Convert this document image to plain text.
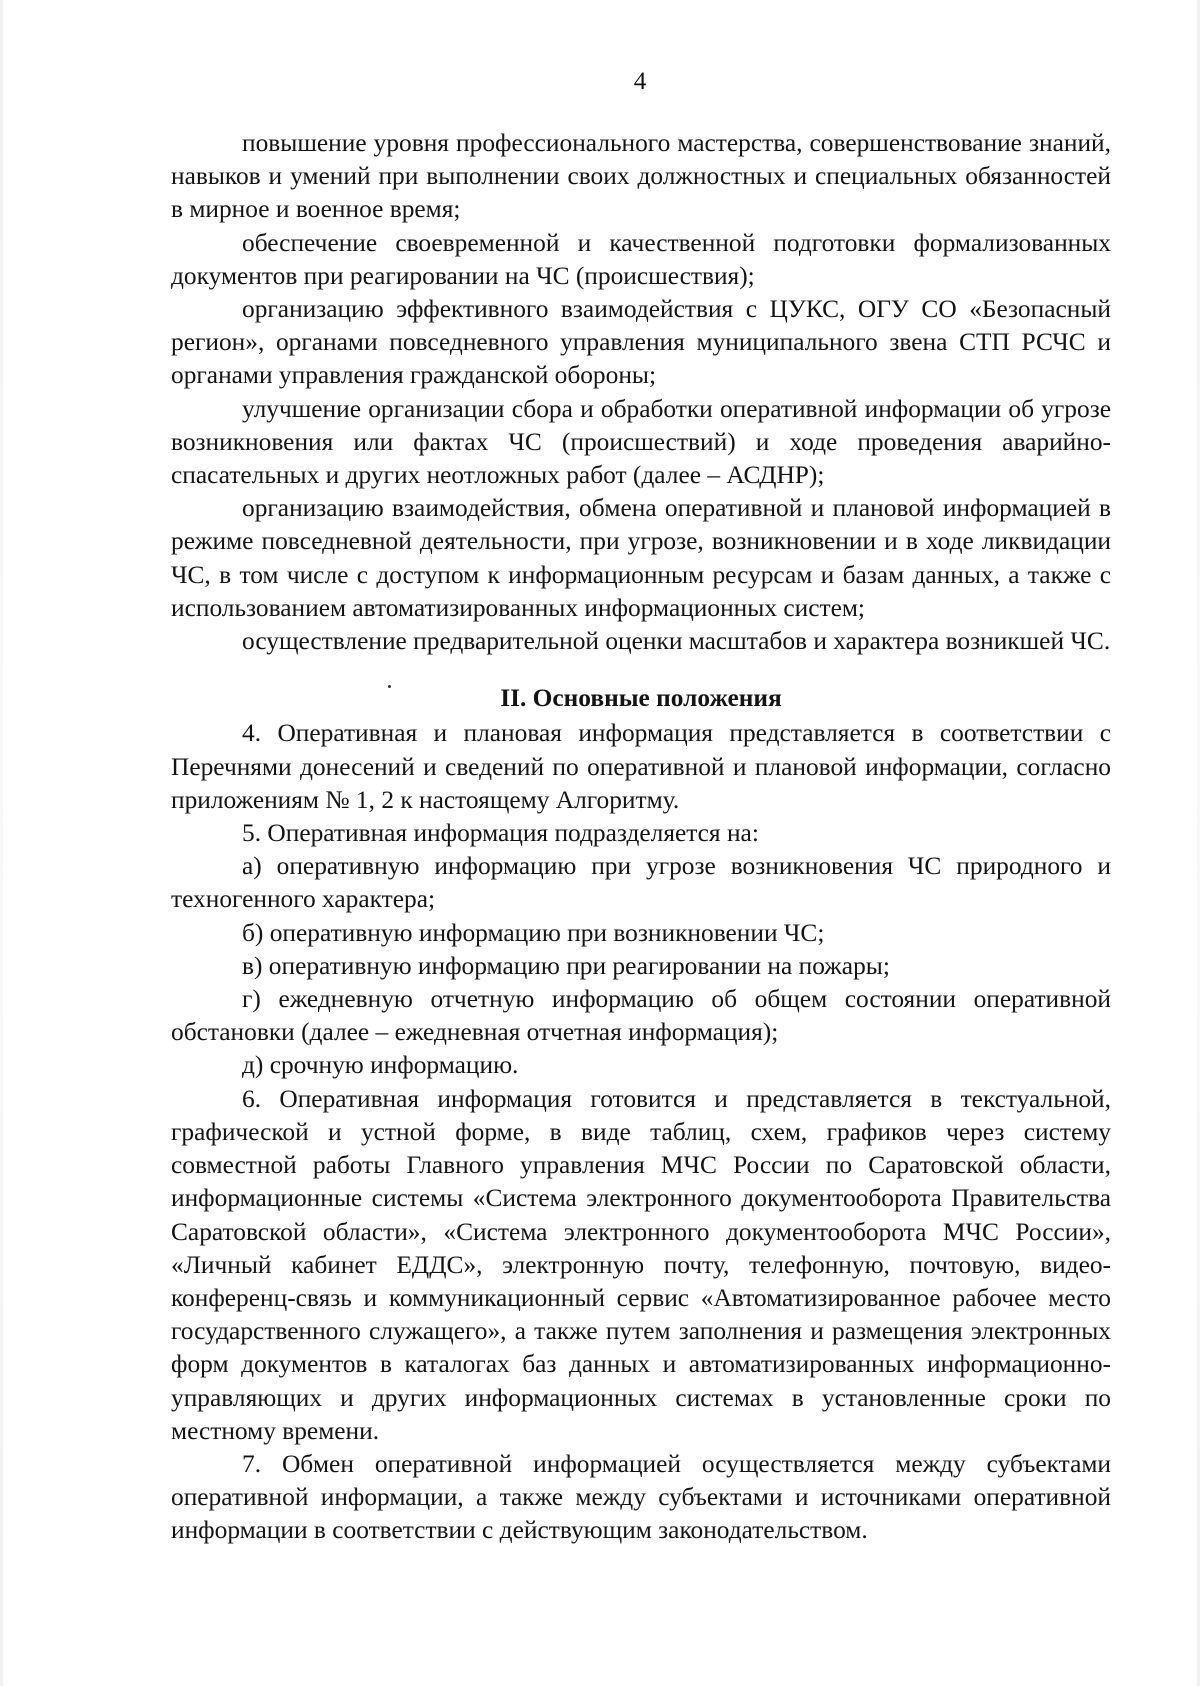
4

повышение уровня профессионального мастерства, совершенствование знаний, навыков и умений при выполнении своих должностных и специальных обязанностей в мирное и военное время;

обеспечение своевременной и качественной подготовки формализованных документов при реагировании на ЧС (происшествия);

организацию эффективного взаимодействия с ЦУКС, ОГУ СО «Безопасный регион», органами повседневного управления муниципального звена СТП РСЧС и органами управления гражданской обороны;

улучшение организации сбора и обработки оперативной информации об угрозе возникновения или фактах ЧС (происшествий) и ходе проведения аварийно-спасательных и других неотложных работ (далее – АСДНР);

организацию взаимодействия, обмена оперативной и плановой информацией в режиме повседневной деятельности, при угрозе, возникновении и в ходе ликвидации ЧС, в том числе с доступом к информационным ресурсам и базам данных, а также с использованием автоматизированных информационных систем;

осуществление предварительной оценки масштабов и характера возникшей ЧС.

II. Основные положения

4. Оперативная и плановая информация представляется в соответствии с Перечнями донесений и сведений по оперативной и плановой информации, согласно приложениям № 1, 2 к настоящему Алгоритму.

5. Оперативная информация подразделяется на:

а) оперативную информацию при угрозе возникновения ЧС природного и техногенного характера;

б) оперативную информацию при возникновении ЧС;

в) оперативную информацию при реагировании на пожары;

г) ежедневную отчетную информацию об общем состоянии оперативной обстановки (далее – ежедневная отчетная информация);

д) срочную информацию.

6. Оперативная информация готовится и представляется в текстуальной, графической и устной форме, в виде таблиц, схем, графиков через систему совместной работы Главного управления МЧС России по Саратовской области, информационные системы «Система электронного документооборота Правительства Саратовской области», «Система электронного документооборота МЧС России», «Личный кабинет ЕДДС», электронную почту, телефонную, почтовую, видео-конференц-связь и коммуникационный сервис «Автоматизированное рабочее место государственного служащего», а также путем заполнения и размещения электронных форм документов в каталогах баз данных и автоматизированных информационно-управляющих и других информационных системах в установленные сроки по местному времени.

7. Обмен оперативной информацией осуществляется между субъектами оперативной информации, а также между субъектами и источниками оперативной информации в соответствии с действующим законодательством.
